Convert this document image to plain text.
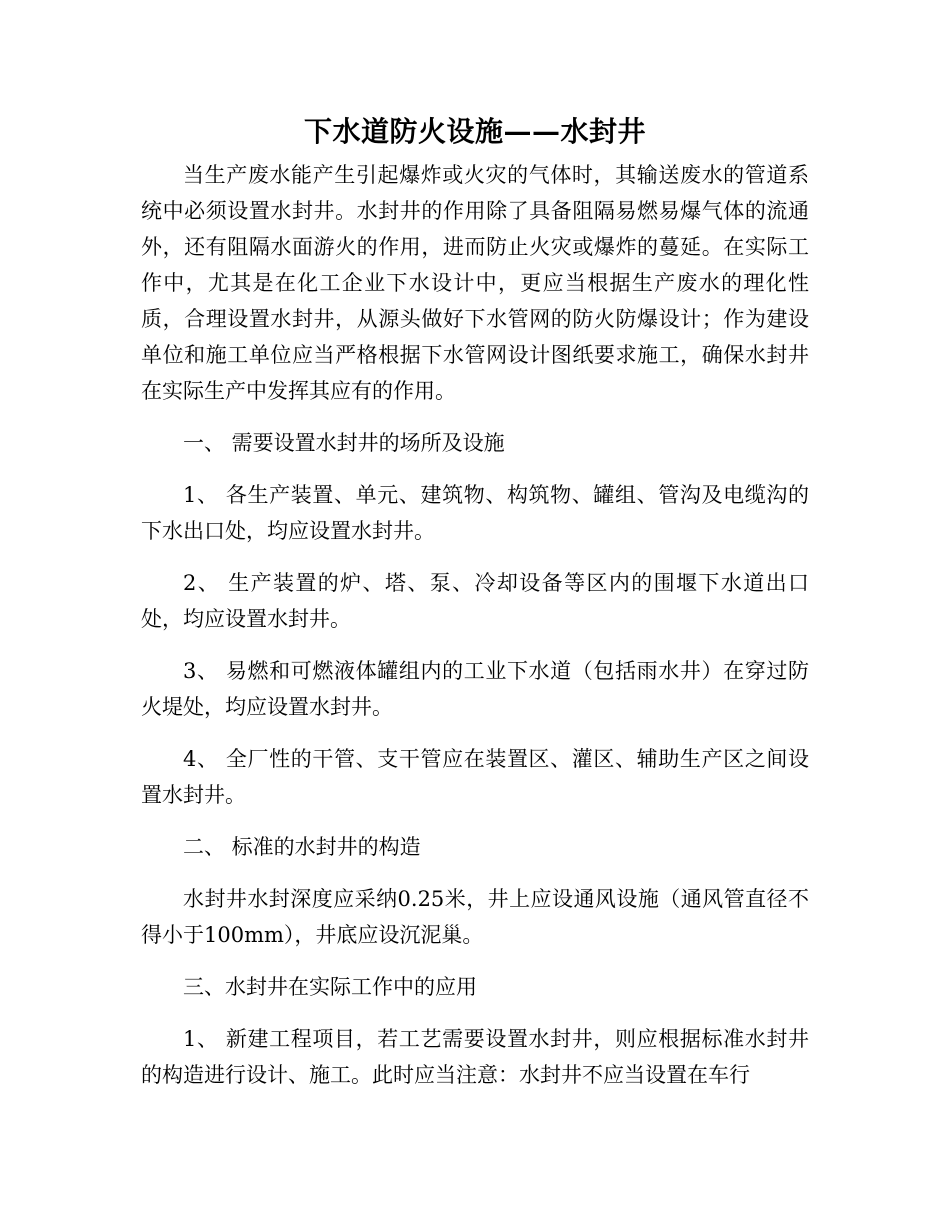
下水道防火设施——水封井

当生产废水能产生引起爆炸或火灾的气体时，其输送废水的管道系统中必须设置水封井。水封井的作用除了具备阻隔易燃易爆气体的流通外，还有阻隔水面游火的作用，进而防止火灾或爆炸的蔓延。在实际工作中，尤其是在化工企业下水设计中，更应当根据生产废水的理化性质，合理设置水封井，从源头做好下水管网的防火防爆设计；作为建设单位和施工单位应当严格根据下水管网设计图纸要求施工，确保水封井在实际生产中发挥其应有的作用。

一、 需要设置水封井的场所及设施

1、 各生产装置、单元、建筑物、构筑物、罐组、管沟及电缆沟的下水出口处，均应设置水封井。

2、 生产装置的炉、塔、泵、冷却设备等区内的围堰下水道出口处，均应设置水封井。

3、 易燃和可燃液体罐组内的工业下水道（包括雨水井）在穿过防火堤处，均应设置水封井。

4、 全厂性的干管、支干管应在装置区、灌区、辅助生产区之间设置水封井。

二、 标准的水封井的构造

水封井水封深度应采纳0.25米，井上应设通风设施（通风管直径不得小于100mm），井底应设沉泥巢。

三、水封井在实际工作中的应用

1、 新建工程项目，若工艺需要设置水封井，则应根据标准水封井的构造进行设计、施工。此时应当注意：水封井不应当设置在车行
